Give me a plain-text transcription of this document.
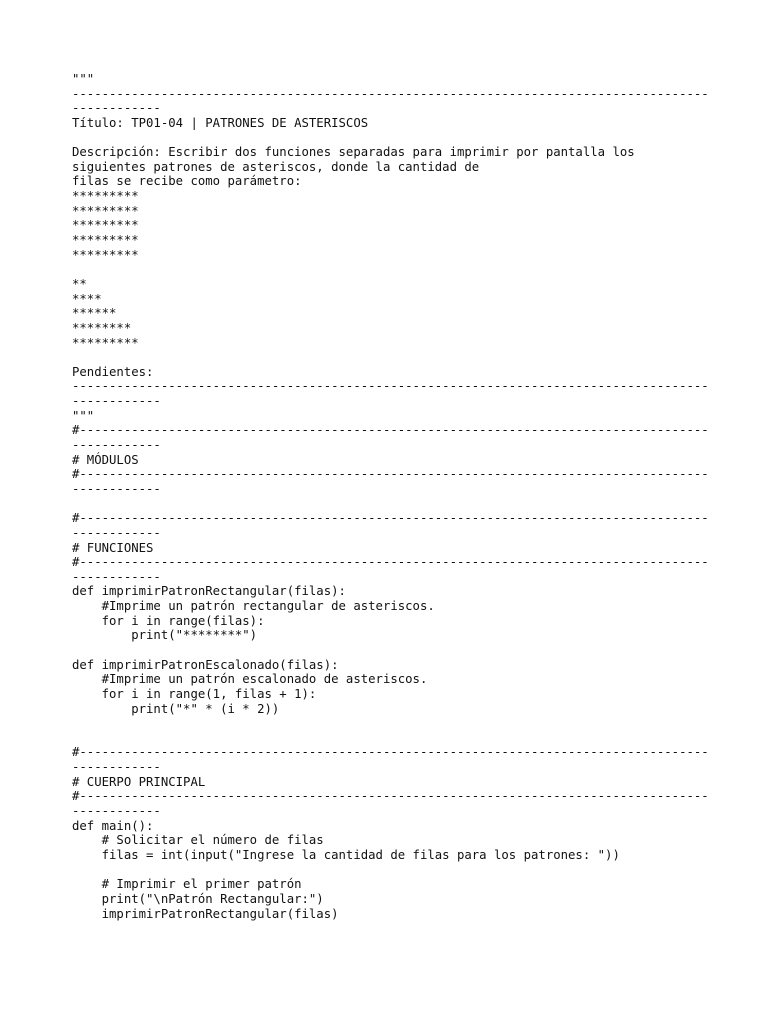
"""
--------------------------------------------------------------------------------------
------------
Título: TP01-04 | PATRONES DE ASTERISCOS
Descripción: Escribir dos funciones separadas para imprimir por pantalla los
siguientes patrones de asteriscos, donde la cantidad de
filas se recibe como parámetro:
*********
*********
*********
*********
*********
**
****
******
********
*********
Pendientes:
--------------------------------------------------------------------------------------
------------
"""
#-------------------------------------------------------------------------------------
------------
# MÓDULOS
#-------------------------------------------------------------------------------------
------------
#-------------------------------------------------------------------------------------
------------
# FUNCIONES
#-------------------------------------------------------------------------------------
------------
def imprimirPatronRectangular(filas):
#Imprime un patrón rectangular de asteriscos.
for i in range(filas):
print("********")
def imprimirPatronEscalonado(filas):
#Imprime un patrón escalonado de asteriscos.
for i in range(1, filas + 1):
print("*" * (i * 2))
#-------------------------------------------------------------------------------------
------------
# CUERPO PRINCIPAL
#-------------------------------------------------------------------------------------
------------
def main():
# Solicitar el número de filas
filas = int(input("Ingrese la cantidad de filas para los patrones: "))
# Imprimir el primer patrón
print("\nPatrón Rectangular:")
imprimirPatronRectangular(filas)
